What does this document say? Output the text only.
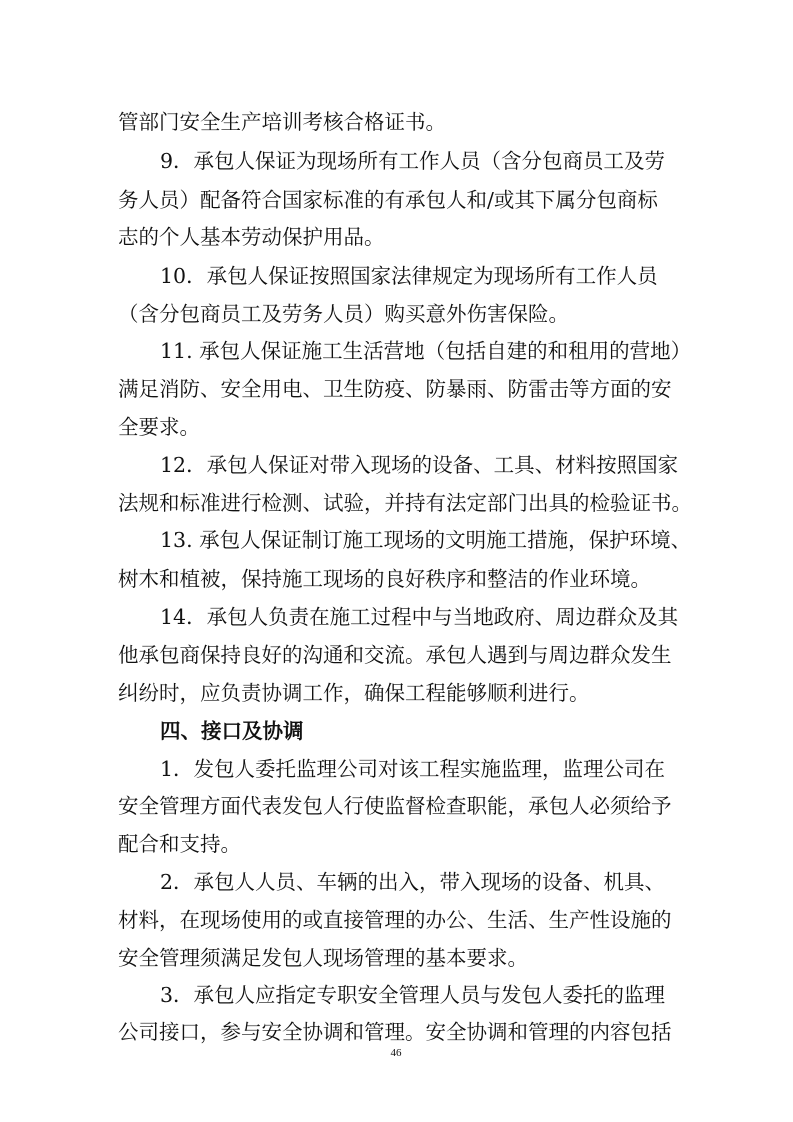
管部门安全生产培训考核合格证书。
9．承包人保证为现场所有工作人员（含分包商员工及劳
务人员）配备符合国家标准的有承包人和/或其下属分包商标
志的个人基本劳动保护用品。
10．承包人保证按照国家法律规定为现场所有工作人员
（含分包商员工及劳务人员）购买意外伤害保险。
11. 承包人保证施工生活营地（包括自建的和租用的营地）
满足消防、安全用电、卫生防疫、防暴雨、防雷击等方面的安
全要求。
12．承包人保证对带入现场的设备、工具、材料按照国家
法规和标准进行检测、试验，并持有法定部门出具的检验证书。
13. 承包人保证制订施工现场的文明施工措施，保护环境、
树木和植被，保持施工现场的良好秩序和整洁的作业环境。
14．承包人负责在施工过程中与当地政府、周边群众及其
他承包商保持良好的沟通和交流。承包人遇到与周边群众发生
纠纷时，应负责协调工作，确保工程能够顺利进行。
四、接口及协调
1．发包人委托监理公司对该工程实施监理，监理公司在
安全管理方面代表发包人行使监督检查职能，承包人必须给予
配合和支持。
2．承包人人员、车辆的出入，带入现场的设备、机具、
材料，在现场使用的或直接管理的办公、生活、生产性设施的
安全管理须满足发包人现场管理的基本要求。
3．承包人应指定专职安全管理人员与发包人委托的监理
公司接口，参与安全协调和管理。安全协调和管理的内容包括
46
